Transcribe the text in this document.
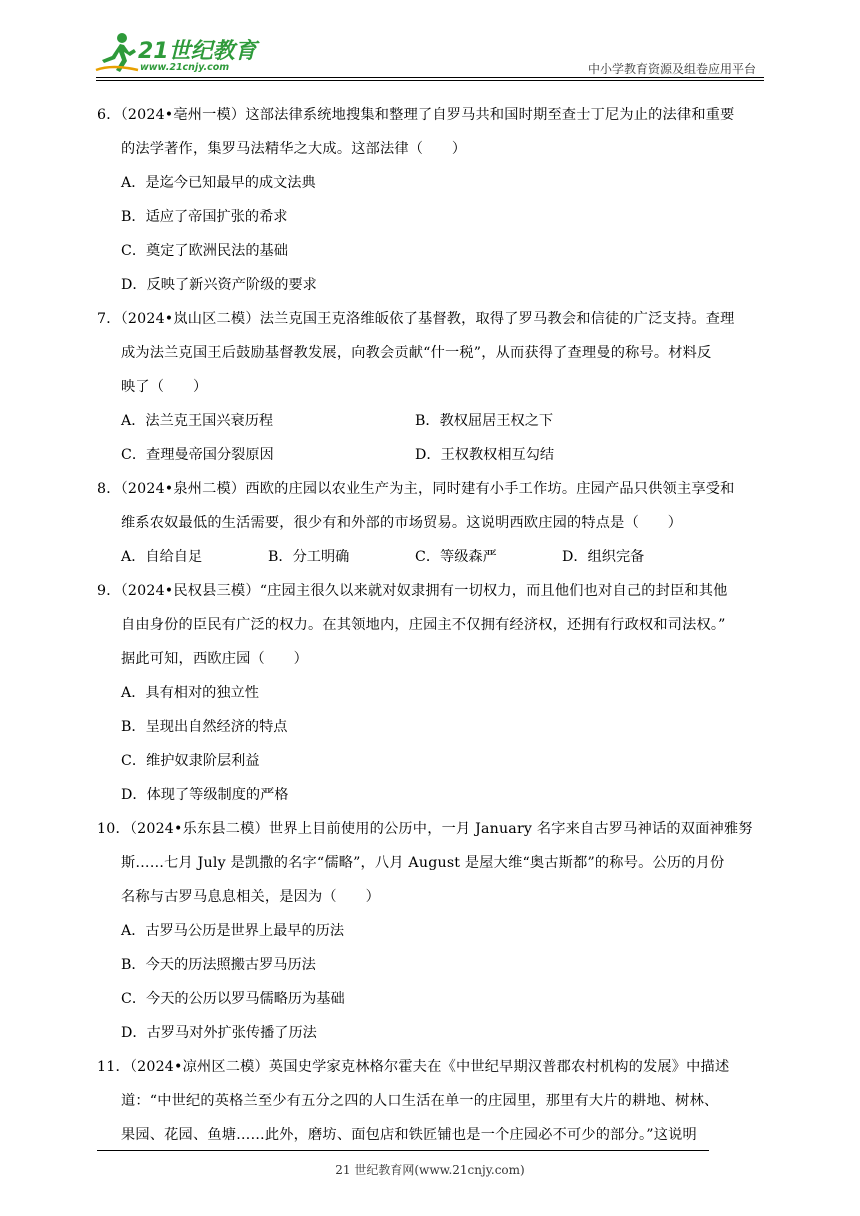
21世纪教育
www.21cnjy.com	中小学教育资源及组卷应用平台
6．（2024•亳州一模）这部法律系统地搜集和整理了自罗马共和国时期至查士丁尼为止的法律和重要
的法学著作，集罗马法精华之大成。这部法律（　　）
A．是迄今已知最早的成文法典
B．适应了帝国扩张的希求
C．奠定了欧洲民法的基础
D．反映了新兴资产阶级的要求
7．（2024•岚山区二模）法兰克国王克洛维皈依了基督教，取得了罗马教会和信徒的广泛支持。查理
成为法兰克国王后鼓励基督教发展，向教会贡献“什一税”，从而获得了查理曼的称号。材料反
映了（　　）
A．法兰克王国兴衰历程	B．教权屈居王权之下
C．查理曼帝国分裂原因	D．王权教权相互勾结
8．（2024•泉州二模）西欧的庄园以农业生产为主，同时建有小手工作坊。庄园产品只供领主享受和
维系农奴最低的生活需要，很少有和外部的市场贸易。这说明西欧庄园的特点是（　　）
A．自给自足	B．分工明确	C．等级森严	D．组织完备
9．（2024•民权县三模）“庄园主很久以来就对奴隶拥有一切权力，而且他们也对自己的封臣和其他
自由身份的臣民有广泛的权力。在其领地内，庄园主不仅拥有经济权，还拥有行政权和司法权。”
据此可知，西欧庄园（　　）
A．具有相对的独立性
B．呈现出自然经济的特点
C．维护奴隶阶层利益
D．体现了等级制度的严格
10．（2024•乐东县二模）世界上目前使用的公历中，一月 January 名字来自古罗马神话的双面神雅努
斯……七月 July 是凯撒的名字“儒略”，八月 August 是屋大维“奥古斯都”的称号。公历的月份
名称与古罗马息息相关，是因为（　　）
A．古罗马公历是世界上最早的历法
B．今天的历法照搬古罗马历法
C．今天的公历以罗马儒略历为基础
D．古罗马对外扩张传播了历法
11．（2024•凉州区二模）英国史学家克林格尔霍夫在《中世纪早期汉普郡农村机构的发展》中描述
道：“中世纪的英格兰至少有五分之四的人口生活在单一的庄园里，那里有大片的耕地、树林、
果园、花园、鱼塘……此外，磨坊、面包店和铁匠铺也是一个庄园必不可少的部分。”这说明
21 世纪教育网(www.21cnjy.com)
